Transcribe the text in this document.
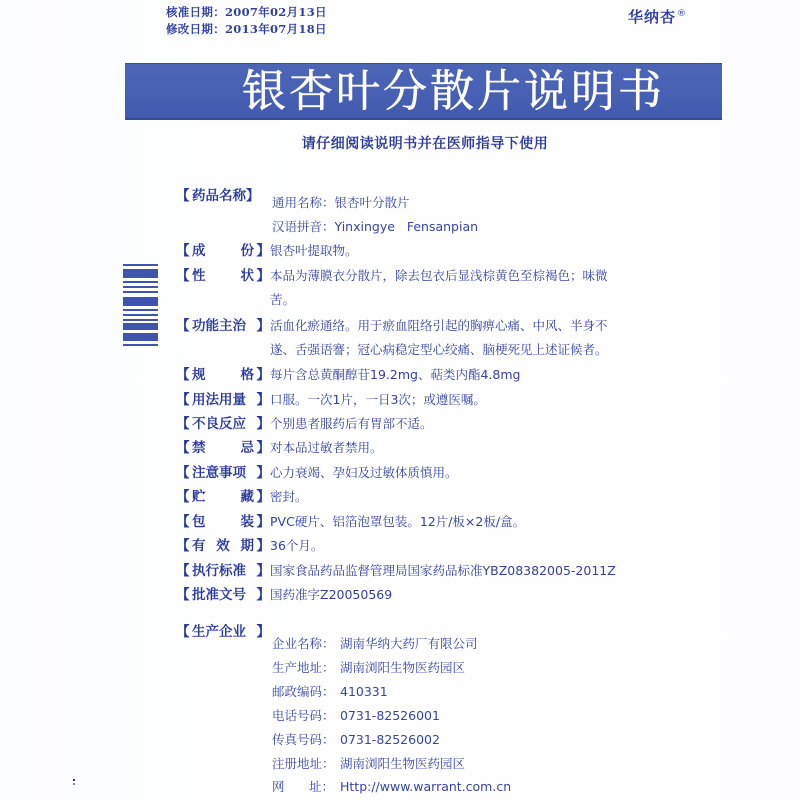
核准日期：2007年02月13日
修改日期：2013年07月18日
华纳杏®
银杏叶分散片说明书
请仔细阅读说明书并在医师指导下使用
【 药品名称 】 通用名称：银杏叶分散片
汉语拼音：Yinxingye   Fensanpian
【 成	份 】 银杏叶提取物。
【 性	状 】 本品为薄膜衣分散片，除去包衣后显浅棕黄色至棕褐色；味微
苦。
【 功能主治 】 活血化瘀通络。用于瘀血阻络引起的胸痹心痛、中风、半身不
遂、舌强语謇；冠心病稳定型心绞痛、脑梗死见上述证候者。
【 规	格 】 每片含总黄酮醇苷19.2mg、萜类内酯4.8mg
【 用法用量 】 口服。一次1片，一日3次；或遵医嘱。
【 不良反应 】 个别患者服药后有胃部不适。
【 禁	忌 】 对本品过敏者禁用。
【 注意事项 】 心力衰竭、孕妇及过敏体质慎用。
【 贮	藏 】 密封。
【 包	装 】 PVC硬片、铝箔泡罩包装。12片/板×2板/盒。
【 有 效 期 】 36个月。
【 执行标准 】 国家食品药品监督管理局国家药品标准YBZ08382005-2011Z
【 批准文号 】 国药准字Z20050569
【 生产企业 】
企业名称： 湖南华纳大药厂有限公司
生产地址： 湖南浏阳生物医药园区
邮政编码： 410331
电话号码： 0731-82526001
传真号码： 0731-82526002
注册地址： 湖南浏阳生物医药园区
网 址： Http://www.warrant.com.cn
